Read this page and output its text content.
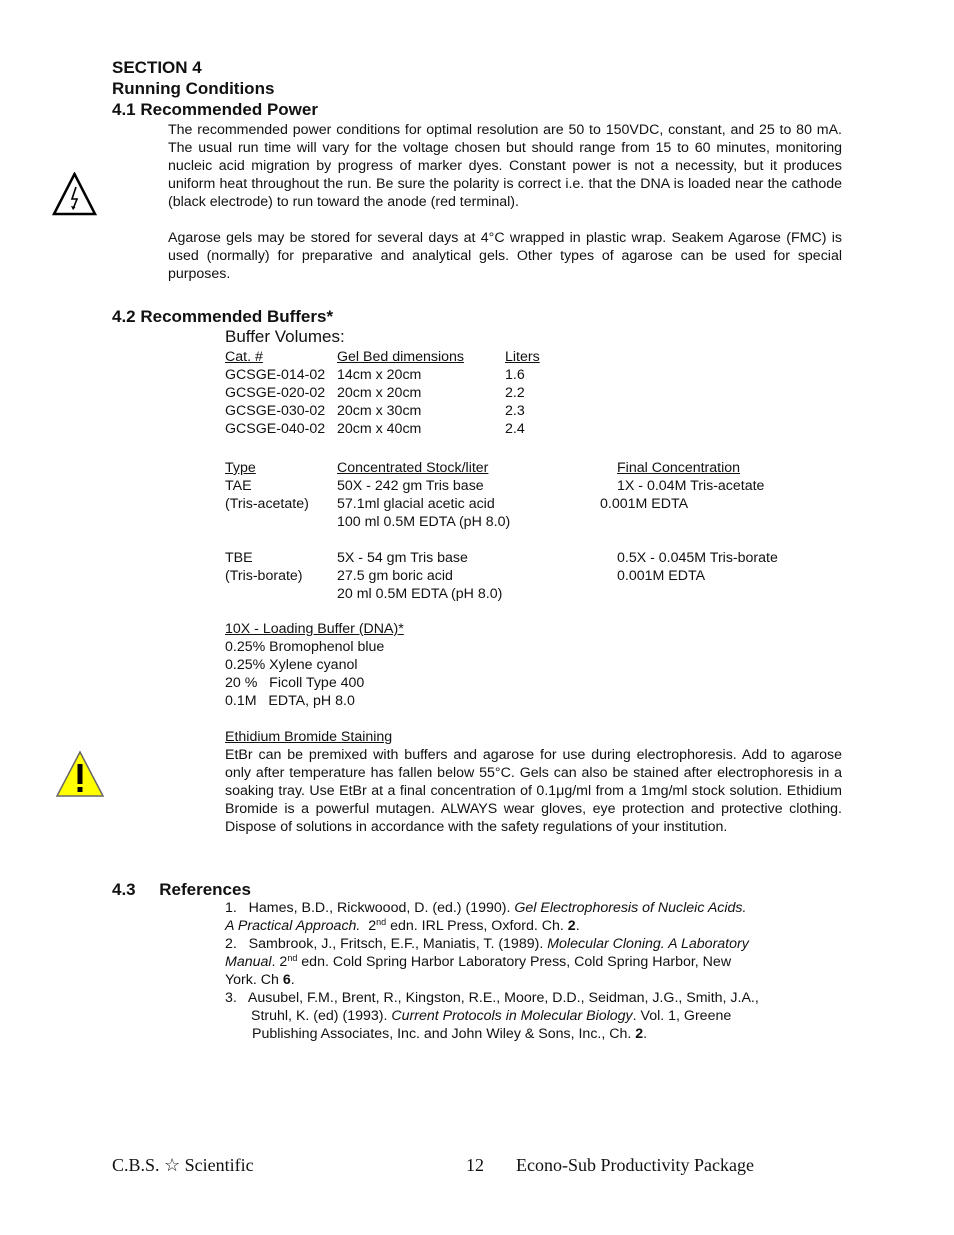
SECTION 4
Running Conditions
4.1 Recommended Power
The recommended power conditions for optimal resolution are 50 to 150VDC, constant, and 25 to 80 mA. The usual run time will vary for the voltage chosen but should range from 15 to 60 minutes, monitoring nucleic acid migration by progress of marker dyes. Constant power is not a necessity, but it produces uniform heat throughout the run. Be sure the polarity is correct i.e. that the DNA is loaded near the cathode (black electrode) to run toward the anode (red terminal).
Agarose gels may be stored for several days at 4°C wrapped in plastic wrap. Seakem Agarose (FMC) is used (normally) for preparative and analytical gels. Other types of agarose can be used for special purposes.
4.2 Recommended Buffers*
Buffer Volumes:
Cat. #	Gel Bed dimensions	Liters
GCSGE-014-02 14cm x 20cm	1.6
GCSGE-020-02 20cm x 20cm	2.2
GCSGE-030-02 20cm x 30cm	2.3
GCSGE-040-02 20cm x 40cm	2.4
Type	Concentrated Stock/liter	Final Concentration
TAE	50X - 242 gm Tris base	1X - 0.04M Tris-acetate
(Tris-acetate) 57.1ml glacial acetic acid	0.001M EDTA
100 ml 0.5M EDTA (pH 8.0)
TBE	5X - 54 gm Tris base	0.5X - 0.045M Tris-borate
(Tris-borate) 27.5 gm boric acid	0.001M EDTA
20 ml 0.5M EDTA (pH 8.0)
10X - Loading Buffer (DNA)*
0.25% Bromophenol blue
0.25% Xylene cyanol
20 %   Ficoll Type 400
0.1M   EDTA, pH 8.0
Ethidium Bromide Staining
EtBr can be premixed with buffers and agarose for use during electrophoresis. Add to agarose only after temperature has fallen below 55°C. Gels can also be stained after electrophoresis in a soaking tray. Use EtBr at a final concentration of 0.1μg/ml from a 1mg/ml stock solution. Ethidium Bromide is a powerful mutagen. ALWAYS wear gloves, eye protection and protective clothing. Dispose of solutions in accordance with the safety regulations of your institution.
4.3     References
1.   Hames, B.D., Rickwoood, D. (ed.) (1990). Gel Electrophoresis of Nucleic Acids.
A Practical Approach.  2nd edn. IRL Press, Oxford. Ch. 2.
2.   Sambrook, J., Fritsch, E.F., Maniatis, T. (1989). Molecular Cloning. A Laboratory
Manual. 2nd edn. Cold Spring Harbor Laboratory Press, Cold Spring Harbor, New
York. Ch 6.
3.   Ausubel, F.M., Brent, R., Kingston, R.E., Moore, D.D., Seidman, J.G., Smith, J.A.,
Struhl, K. (ed) (1993). Current Protocols in Molecular Biology. Vol. 1, Greene
Publishing Associates, Inc. and John Wiley & Sons, Inc., Ch. 2.
C.B.S. ☆ Scientific	12 Econo-Sub Productivity Package
